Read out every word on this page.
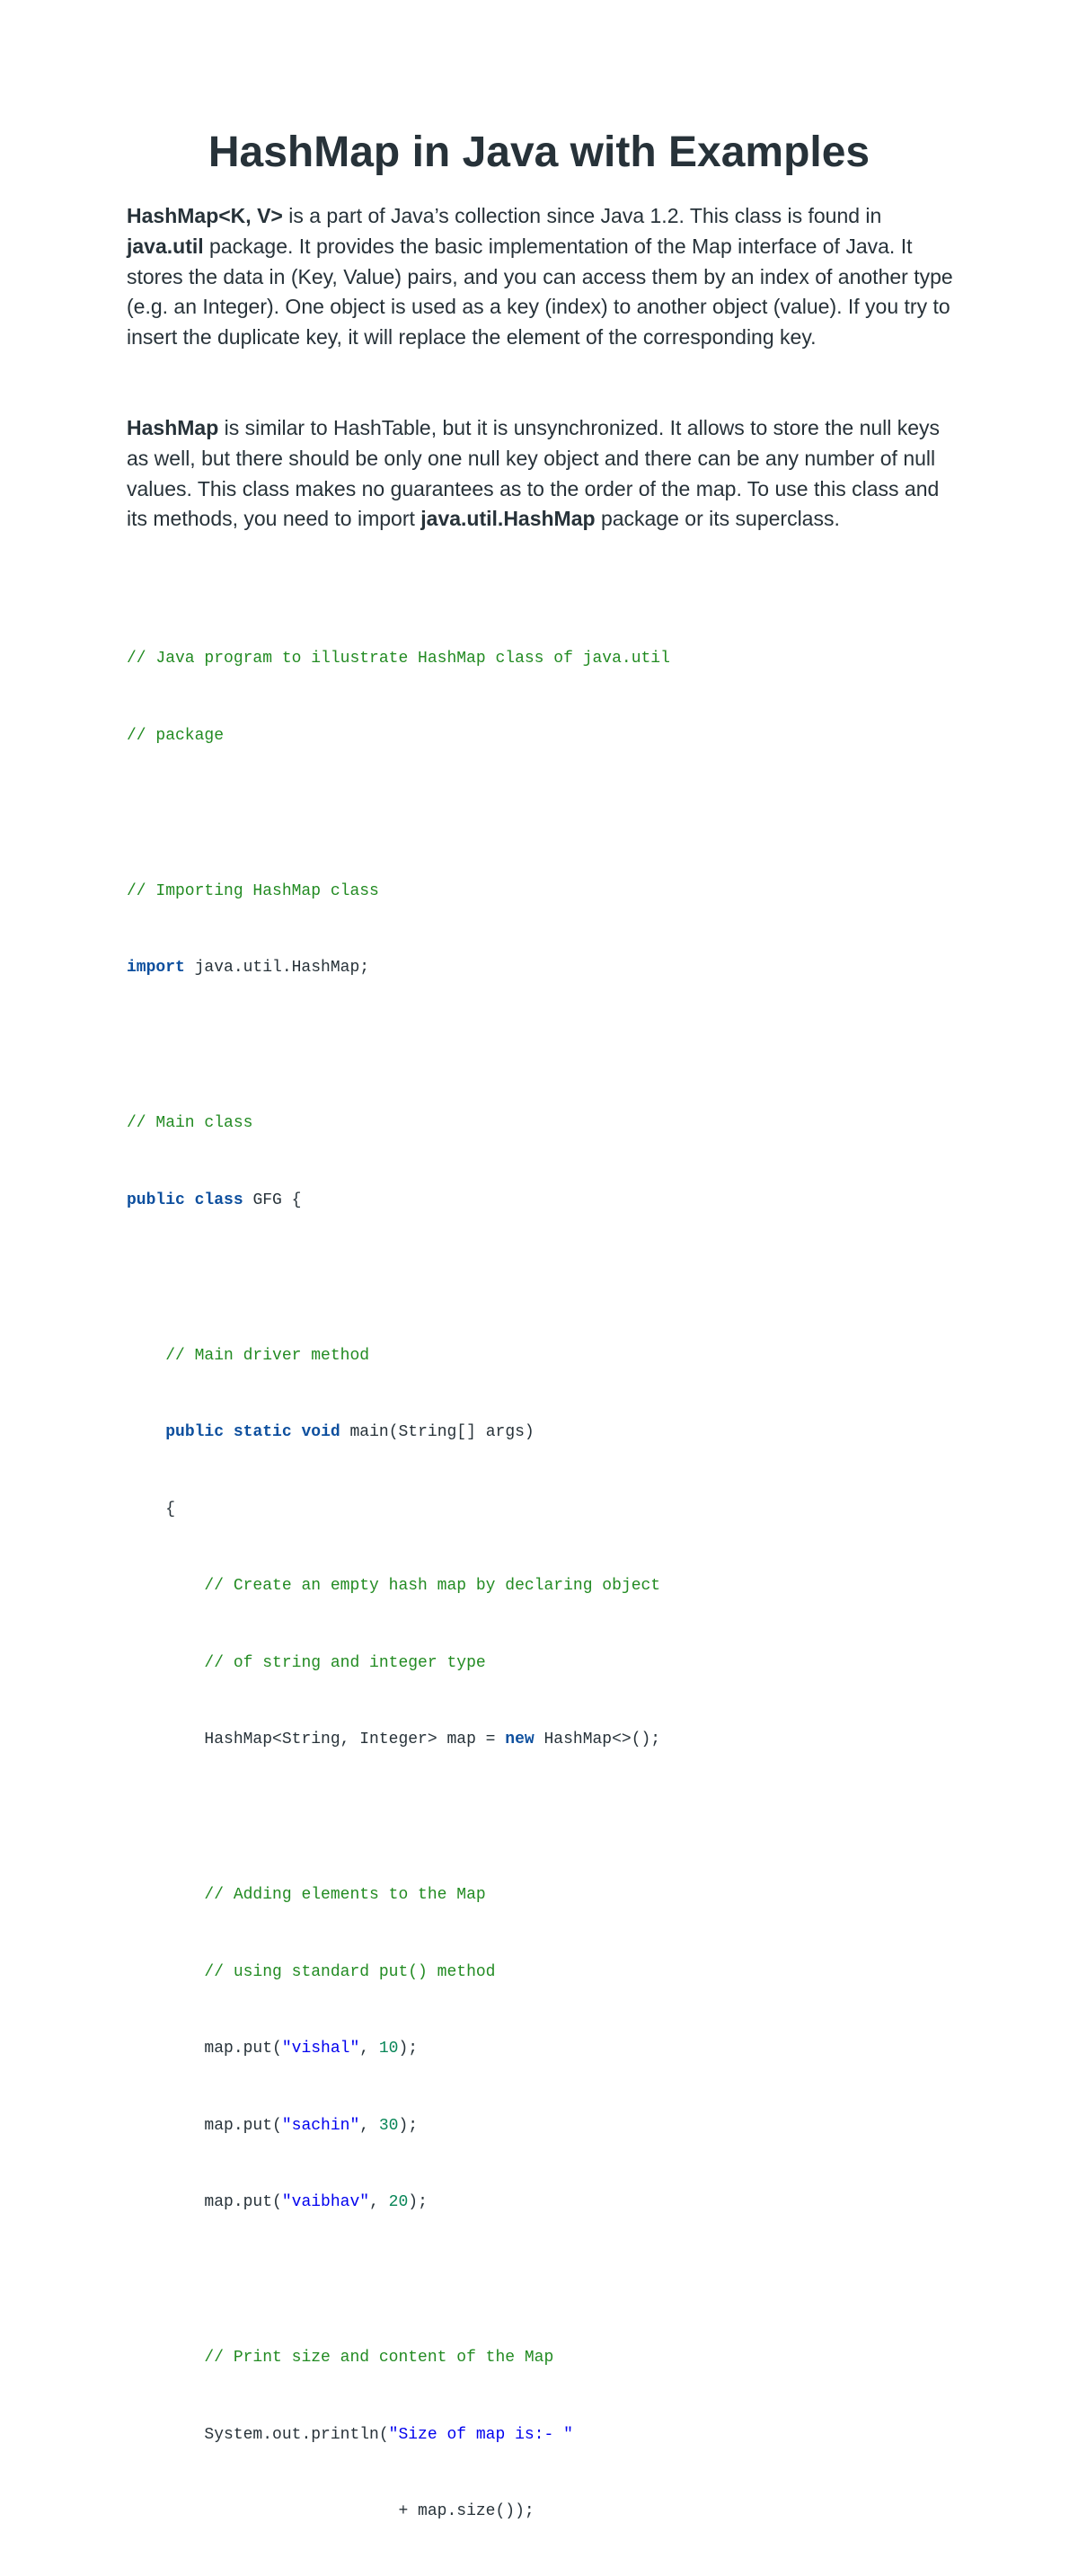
HashMap in Java with Examples

HashMap<K, V> is a part of Java’s collection since Java 1.2. This class is found in java.util package. It provides the basic implementation of the Map interface of Java. It stores the data in (Key, Value) pairs, and you can access them by an index of another type (e.g. an Integer). One object is used as a key (index) to another object (value). If you try to insert the duplicate key, it will replace the element of the corresponding key.

HashMap is similar to HashTable, but it is unsynchronized. It allows to store the null keys as well, but there should be only one null key object and there can be any number of null values. This class makes no guarantees as to the order of the map. To use this class and its methods, you need to import java.util.HashMap package or its superclass.

// Java program to illustrate HashMap class of java.util

// package

// Importing HashMap class

import java.util.HashMap;

// Main class

public class GFG {

// Main driver method

public static void main(String[] args)

{

// Create an empty hash map by declaring object

// of string and integer type

HashMap<String, Integer> map = new HashMap<>();

// Adding elements to the Map

// using standard put() method

map.put("vishal", 10);

map.put("sachin", 30);

map.put("vaibhav", 20);

// Print size and content of the Map

System.out.println("Size of map is:- "

+ map.size());
